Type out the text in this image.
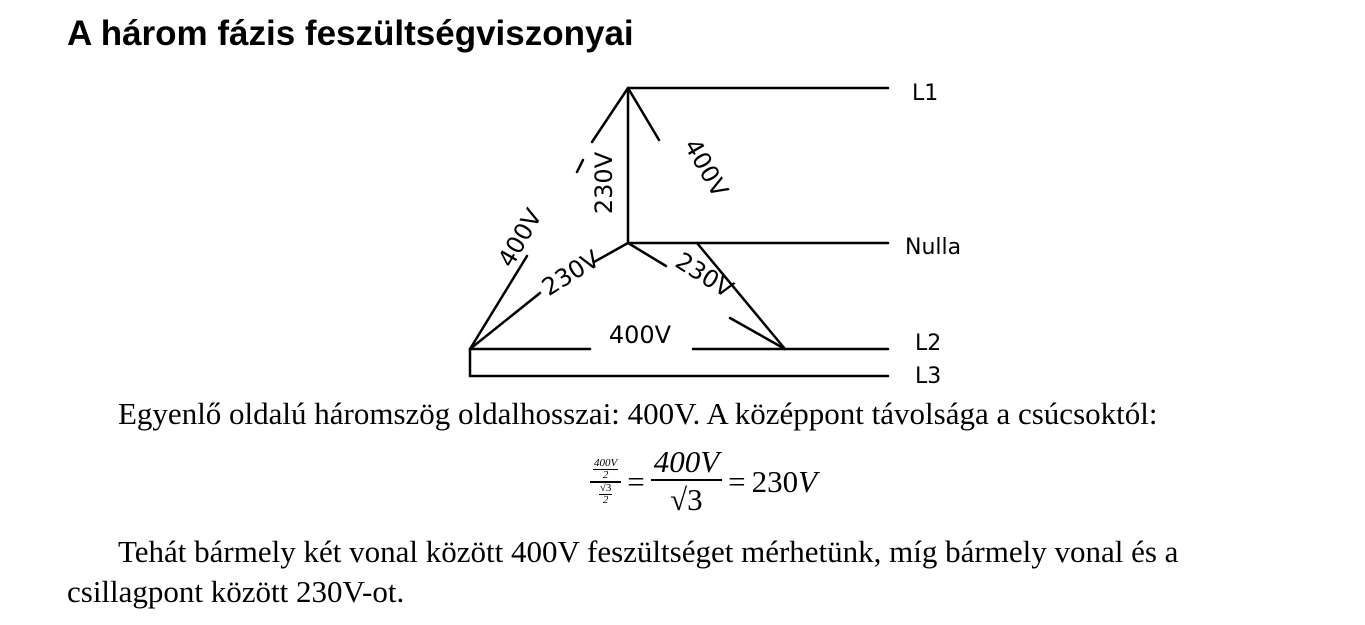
A három fázis feszültségviszonyai
L1
Nulla
L2
L3
400V
400V
400V
230V
230V	230V
Egyenlő oldalú háromszög oldalhosszai: 400V. A középpont távolsága a csúcsoktól:
$\frac{\frac{400V}{2}}{\frac{√3}{2}} = \frac{400V}{√3} = 230V$
Tehát bármely két vonal között 400V feszültséget mérhetünk, míg bármely vonal és a
csillagpont között 230V-ot.
